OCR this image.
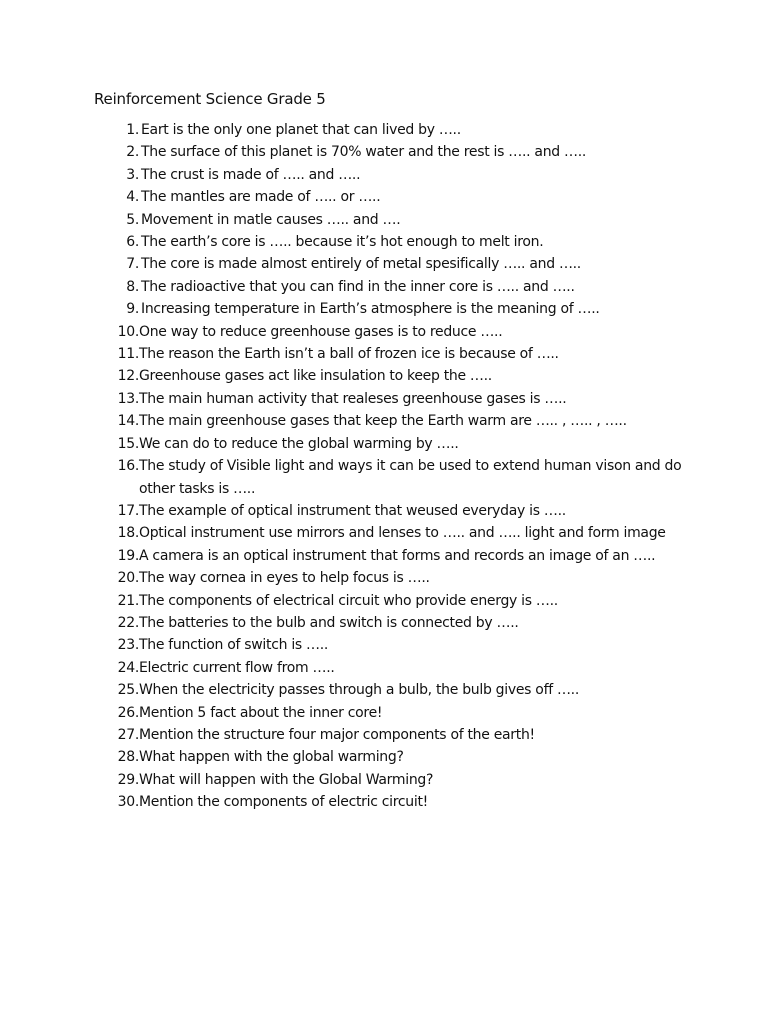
Reinforcement Science Grade 5
1. Eart is the only one planet that can lived by …..
2. The surface of this planet is 70% water and the rest is ….. and …..
3. The crust is made of ….. and …..
4. The mantles are made of ….. or …..
5. Movement in matle causes ….. and ….
6. The earth’s core is ….. because it’s hot enough to melt iron.
7. The core is made almost entirely of metal spesifically ….. and …..
8. The radioactive that you can find in the inner core is ….. and …..
9. Increasing temperature in Earth’s atmosphere is the meaning of …..
10. One way to reduce greenhouse gases is to reduce …..
11. The reason the Earth isn’t a ball of frozen ice is because of …..
12. Greenhouse gases act like insulation to keep the …..
13. The main human activity that realeses greenhouse gases is …..
14. The main greenhouse gases that keep the Earth warm are ….. , ….. , …..
15. We can do to reduce the global warming by …..
16. The study of Visible light and ways it can be used to extend human vison and do other tasks is …..
17. The example of optical instrument that weused everyday is …..
18. Optical instrument use mirrors and lenses to ….. and ….. light and form image
19. A camera is an optical instrument that forms and records an image of an …..
20. The way cornea in eyes to help focus is …..
21. The components of electrical circuit who provide energy is …..
22. The batteries to the bulb and switch is connected by …..
23. The function of switch is …..
24. Electric current flow from …..
25. When the electricity passes through a bulb, the bulb gives off …..
26. Mention 5 fact about the inner core!
27. Mention the structure four major components of the earth!
28. What happen with the global warming?
29. What will happen with the Global Warming?
30. Mention the components of electric circuit!
